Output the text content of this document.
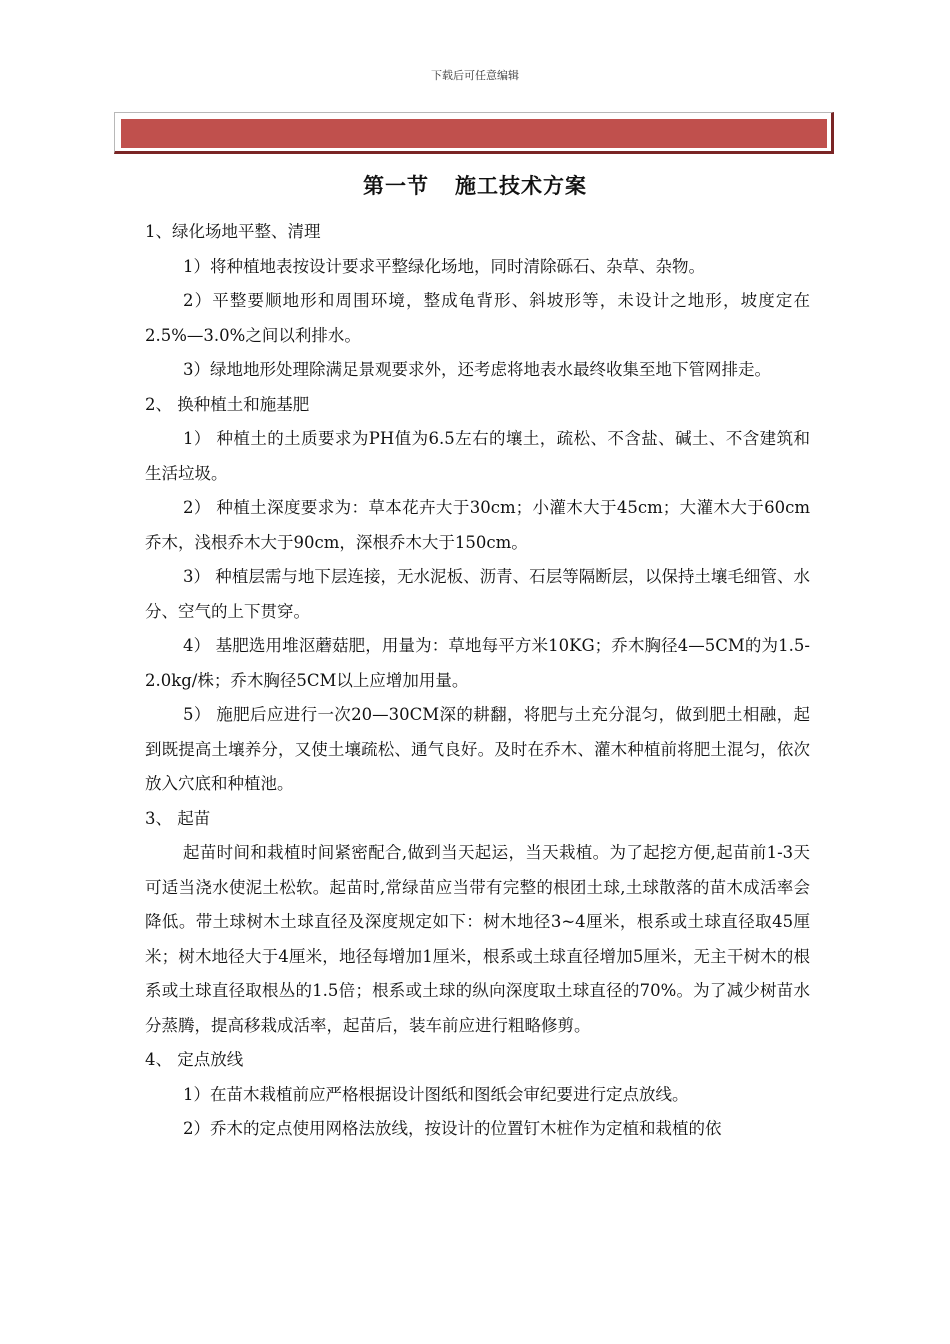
下载后可任意编辑
第一节 施工技术方案

1、绿化场地平整、清理

1）将种植地表按设计要求平整绿化场地，同时清除砾石、杂草、杂物。

2）平整要顺地形和周围环境，整成龟背形、斜坡形等，未设计之地形，坡度定在2.5%—3.0%之间以利排水。

3）绿地地形处理除满足景观要求外，还考虑将地表水最终收集至地下管网排走。

2、 换种植土和施基肥

1） 种植土的土质要求为PH值为6.5左右的壤土，疏松、不含盐、碱土、不含建筑和生活垃圾。

2） 种植土深度要求为：草本花卉大于30cm；小灌木大于45cm；大灌木大于60cm乔木，浅根乔木大于90cm，深根乔木大于150cm。

3） 种植层需与地下层连接，无水泥板、沥青、石层等隔断层，以保持土壤毛细管、水分、空气的上下贯穿。

4） 基肥选用堆沤蘑菇肥，用量为：草地每平方米10KG；乔木胸径4—5CM的为1.5-2.0kg/株；乔木胸径5CM以上应增加用量。

5） 施肥后应进行一次20—30CM深的耕翻，将肥与土充分混匀，做到肥土相融，起到既提高土壤养分，又使土壤疏松、通气良好。及时在乔木、灌木种植前将肥土混匀，依次放入穴底和种植池。

3、 起苗

起苗时间和栽植时间紧密配合,做到当天起运，当天栽植。为了起挖方便,起苗前1-3天可适当浇水使泥土松软。起苗时,常绿苗应当带有完整的根团土球,土球散落的苗木成活率会降低。带土球树木土球直径及深度规定如下：树木地径3~4厘米，根系或土球直径取45厘米；树木地径大于4厘米，地径每增加1厘米，根系或土球直径增加5厘米，无主干树木的根系或土球直径取根丛的1.5倍；根系或土球的纵向深度取土球直径的70%。为了减少树苗水分蒸腾，提高移栽成活率，起苗后，装车前应进行粗略修剪。

4、 定点放线

1）在苗木栽植前应严格根据设计图纸和图纸会审纪要进行定点放线。

2）乔木的定点使用网格法放线，按设计的位置钉木桩作为定植和栽植的依
